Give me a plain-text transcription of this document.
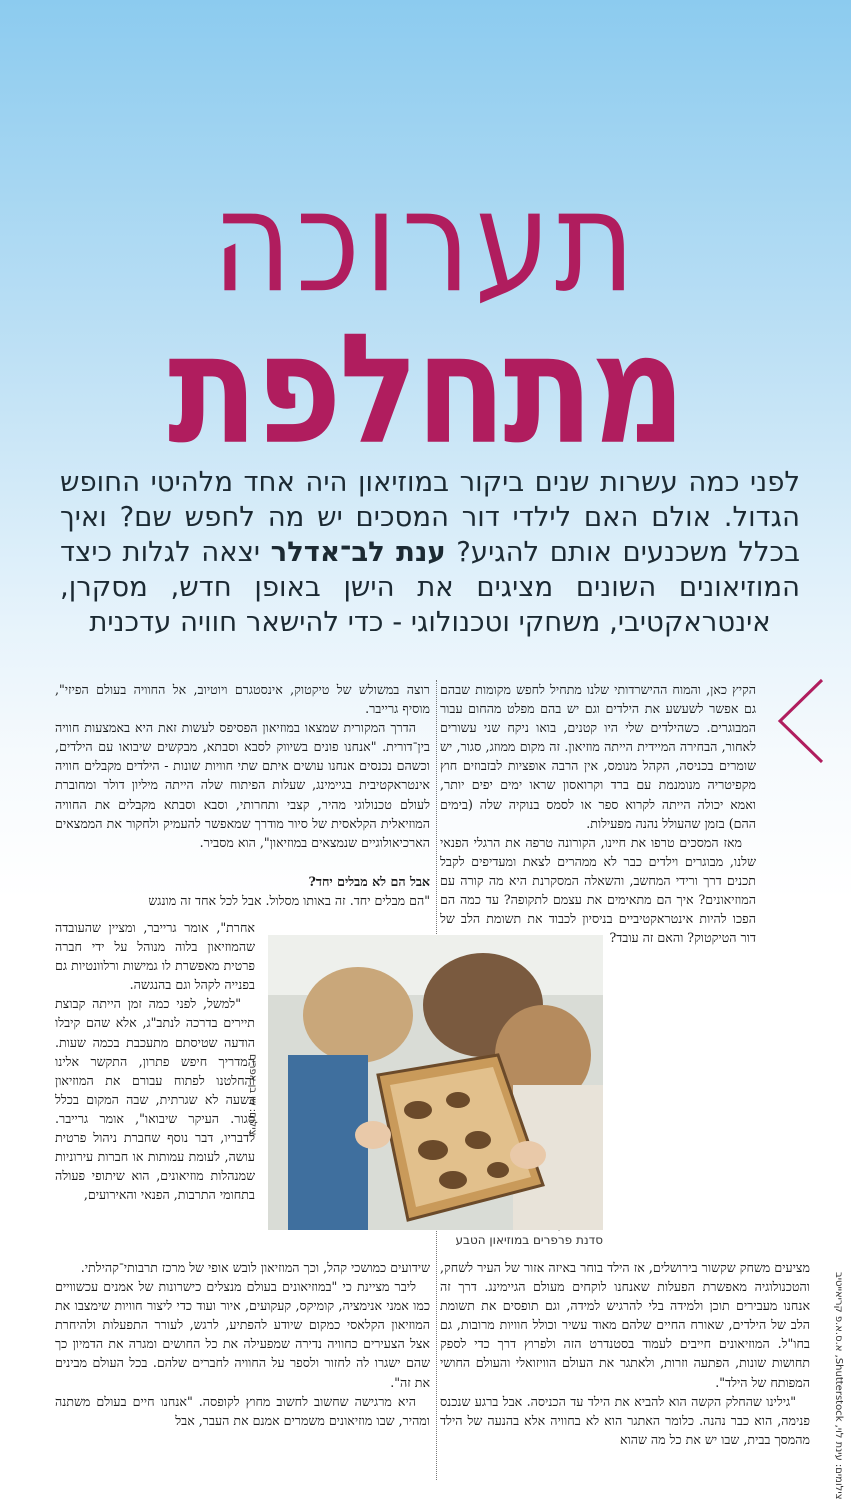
תערוכה
מתחלפת
לפני כמה עשרות שנים ביקור במוזיאון היה אחד מלהיטי החופש הגדול. אולם האם לילדי דור המסכים יש מה לחפש שם? ואיך בכלל משכנעים אותם להגיע? ענת לב־אדלר יצאה לגלות כיצד המוזיאונים השונים מציגים את הישן באופן חדש, מסקרן, אינטראקטיבי, משחקי וטכנולוגי - כדי להישאר חוויה עדכנית

הקיץ כאן, והמוח ההישרדותי שלנו מתחיל לחפש מקומות שבהם גם אפשר לשעשע את הילדים וגם יש בהם מפלט מהחום עבור המבוגרים. כשהילדים שלי היו קטנים, בואו ניקח שני עשורים לאחור, הבחירה המיידית הייתה מוזיאון. זה מקום ממוזג, סגור, יש שומרים בכניסה, הקהל מנומס, אין הרבה אופציות לבזבוזים חוץ מקפיטריה מנומנמת עם ברד וקרואסון שראו ימים יפים יותר, ואמא יכולה הייתה לקרוא ספר או לסמס בנוקיה שלה (בימים ההם) בזמן שהעולל נהנה מפעילות.

מאז המסכים טרפו את חיינו, הקורונה טרפה את הרגלי הפנאי שלנו, מבוגרים וילדים כבר לא ממהרים לצאת ומעדיפים לקבל תכנים דרך ורידי המחשב, והשאלה המסקרנת היא מה קורה עם המוזיאונים? איך הם מתאימים את עצמם לתקופה? עד כמה הם הפכו להיות אינטראקטיביים בניסיון לכבוד את תשומת הלב של דור הטיקטוק? והאם זה עובד?

רוצה במשולש של טיקטוק, אינסטגרם ויוטיוב, אל החוויה בעולם הפיזי", מוסיף גרייבר.

הדרך המקורית שמצאו במוזיאון הפסיפס לעשות זאת היא באמצעות חוויה בין־דורית. "אנחנו פונים בשיווק לסבא וסבתא, מבקשים שיבואו עם הילדים, וכשהם נכנסים אנחנו עושים איתם שתי חוויות שונות - הילדים מקבלים חוויה אינטראקטיבית בגיימינג, שעלות הפיתוח שלה הייתה מיליון דולר ומחוברת לעולם טכנולוגי מהיר, קצבי ותחרותי, וסבא וסבתא מקבלים את החוויה המוזיאלית הקלאסית של סיור מודרך שמאפשר להעמיק ולחקור את הממצאים הארכיאולוגיים שנמצאים במוזיאון", הוא מסביר.

אבל הם לא מבלים יחד?

"הם מבלים יחד. זה באותו מסלול. אבל לכל אחד זה מונגש

אחרת", אומר גרייבר, ומציין שהעובדה שהמוזיאון בלוה מנוהל על ידי חברה פרטית מאפשרת לו גמישות ורלוונטיות גם בפנייה לקהל וגם בהנגשה.

"למשל, לפני כמה זמן הייתה קבוצת תיירים בדרכה לנתב"ג, אלא שהם קיבלו הודעה שטיסתם מתעכבת בכמה שעות. המדריך חיפש פתרון, התקשר אלינו והחלטנו לפתוח עבורם את המוזיאון בשעה לא שגרתית, שבה המקום בכלל סגור. העיקר שיבואו", אומר גרייבר. לדבריו, דבר נוסף שחברת ניהול פרטית עושה, לעומת עמותות או חברות עירוניות שמנהלות מוזיאונים, הוא שיתופי פעולה בתחומי התרבות, הפנאי והאירועים,

סדנת פרפרים במוזיאון הטבע
צילום: שי בן אפרים

שידועים כמושכי קהל, וכך המוזיאון לובש אופי של מרכז תרבותי־קהילתי.

ליבר מציינת כי "במוזיאונים בעולם מנצלים כישרונות של אמנים עכשוויים כמו אמני אנימציה, קומיקס, קעקועים, איור ועוד כדי ליצור חוויות שימצבו את המוזיאון הקלאסי כמקום שיודע להפתיע, לרגש, לעורר התפעלות ולהיחרת אצל הצעירים כחוויה נדירה שמפעילה את כל החושים ומגרה את הדמיון כך שהם ישגרו לה לחזור ולספר על החוויה לחברים שלהם. בכל העולם מבינים את זה".

היא מרגישה שחשוב לחשוב מחוץ לקופסה. "אנחנו חיים בעולם משתנה ומהיר, שבו מוזיאונים משמרים אמנם את העבר, אבל

מציעים משחק שקשור בירושלים, אז הילד בוחר באיזה אזור של העיר לשחק, והטכנולוגיה מאפשרת הפעלות שאנחנו לוקחים מעולם הגיימינג. דרך זה אנחנו מעבירים תוכן ולמידה בלי להרגיש למידה, וגם תופסים את תשומת הלב של הילדים, שאורח החיים שלהם מאוד עשיר וכולל חוויות מרובות, גם בחו"ל. המוזיאונים חייבים לעמוד בסטנדרט הזה ולפרוץ דרך כדי לספק תחושות שונות, הפתעה וזרות, ולאתגר את העולם הוויזואלי והעולם החושי המפותח של הילד".

"גילינו שהחלק הקשה הוא להביא את הילד עד הכניסה. אבל ברגע שנכנס פנימה, הוא כבר נהנה. כלומר האתגר הוא לא בחוויה אלא בהנעה של הילד מהמסך בבית, שבו יש את כל מה שהוא

צילומים: עינת לוי, Shutterstock, א.ס.א.פ קריאייטיב
